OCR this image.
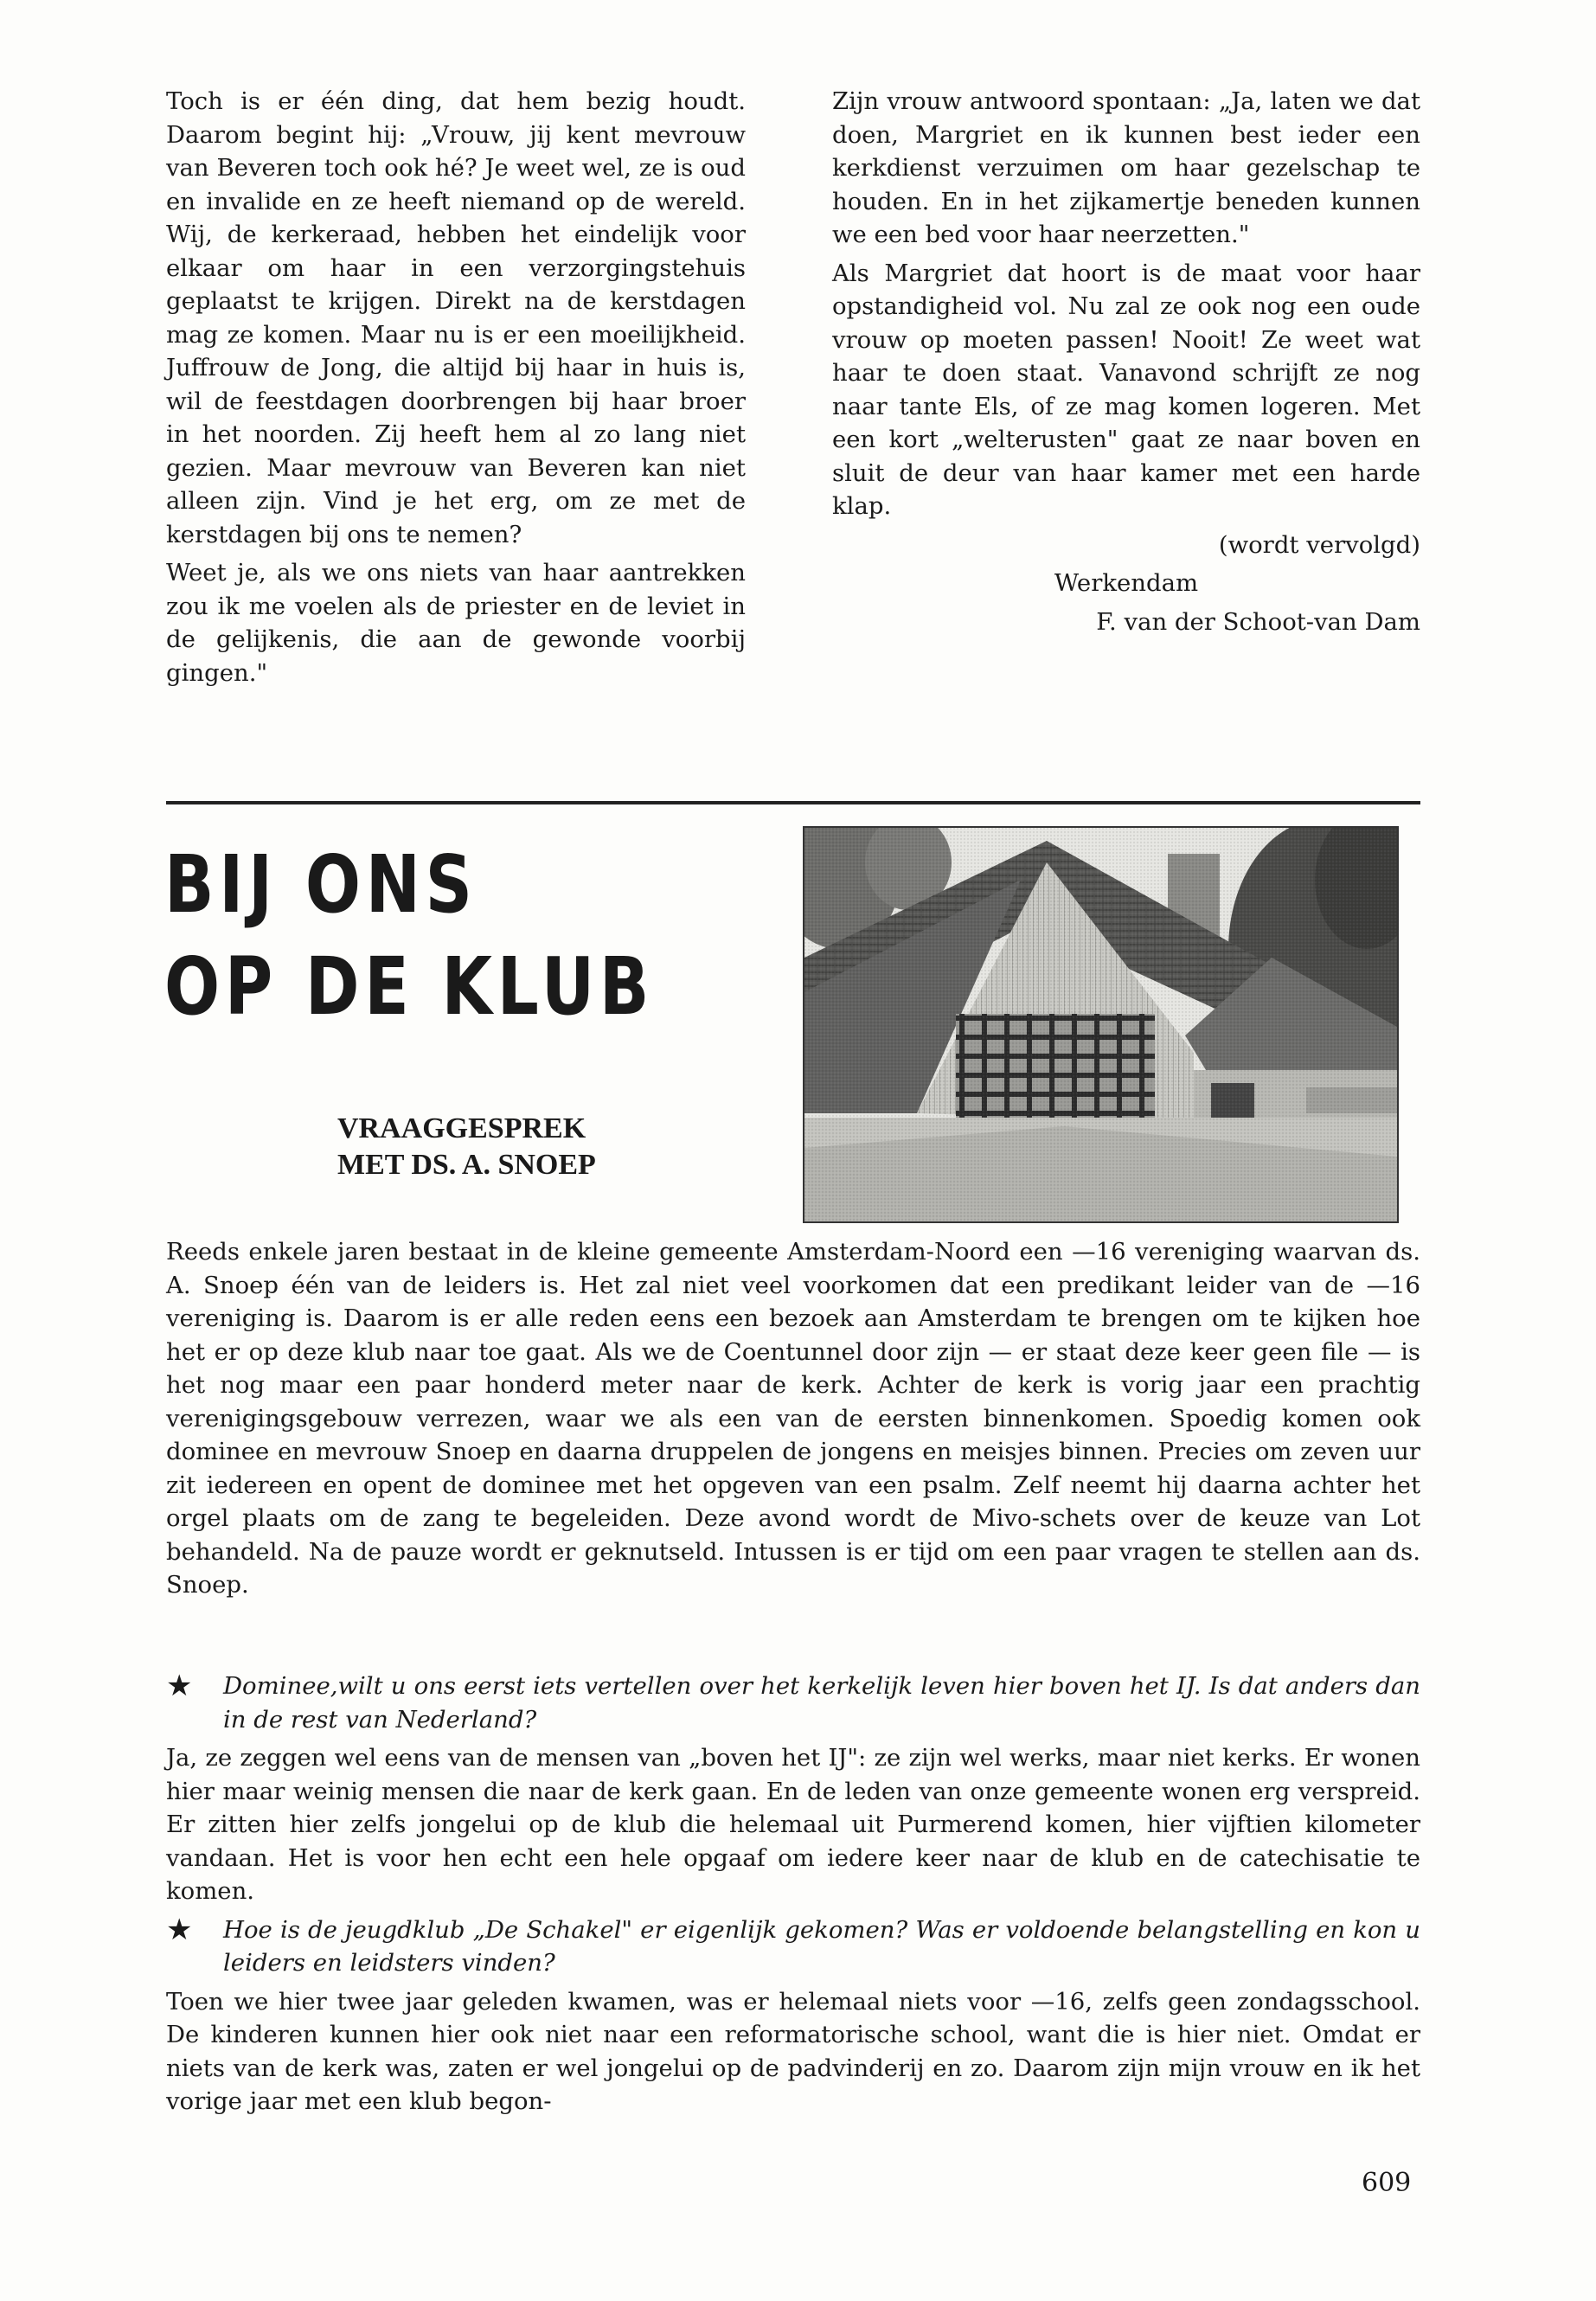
Toch is er één ding, dat hem bezig houdt. Daarom begint hij: „Vrouw, jij kent mevrouw van Beveren toch ook hé? Je weet wel, ze is oud en invalide en ze heeft niemand op de wereld. Wij, de kerkeraad, hebben het eindelijk voor elkaar om haar in een verzorgingstehuis geplaatst te krijgen. Direkt na de kerstdagen mag ze komen. Maar nu is er een moeilijkheid. Juffrouw de Jong, die altijd bij haar in huis is, wil de feestdagen doorbrengen bij haar broer in het noorden. Zij heeft hem al zo lang niet gezien. Maar mevrouw van Beveren kan niet alleen zijn. Vind je het erg, om ze met de kerstdagen bij ons te nemen?

Weet je, als we ons niets van haar aantrekken zou ik me voelen als de priester en de leviet in de gelijkenis, die aan de gewonde voorbij gingen."

Zijn vrouw antwoord spontaan: „Ja, laten we dat doen, Margriet en ik kunnen best ieder een kerkdienst verzuimen om haar gezelschap te houden. En in het zijkamertje beneden kunnen we een bed voor haar neerzetten."

Als Margriet dat hoort is de maat voor haar opstandigheid vol. Nu zal ze ook nog een oude vrouw op moeten passen! Nooit! Ze weet wat haar te doen staat. Vanavond schrijft ze nog naar tante Els, of ze mag komen logeren. Met een kort „welterusten" gaat ze naar boven en sluit de deur van haar kamer met een harde klap.

(wordt vervolgd)

Werkendam

F. van der Schoot-van Dam

BIJ ONS
OP DE KLUB
VRAAGGESPREK
MET DS. A. SNOEP

Reeds enkele jaren bestaat in de kleine gemeente Amsterdam-Noord een —16 vereniging waarvan ds. A. Snoep één van de leiders is. Het zal niet veel voorkomen dat een predikant leider van de —16 vereniging is. Daarom is er alle reden eens een bezoek aan Amsterdam te brengen om te kijken hoe het er op deze klub naar toe gaat. Als we de Coentunnel door zijn — er staat deze keer geen file — is het nog maar een paar honderd meter naar de kerk. Achter de kerk is vorig jaar een prachtig verenigingsgebouw verrezen, waar we als een van de eersten binnenkomen. Spoedig komen ook dominee en mevrouw Snoep en daarna druppelen de jongens en meisjes binnen. Precies om zeven uur zit iedereen en opent de dominee met het opgeven van een psalm. Zelf neemt hij daarna achter het orgel plaats om de zang te begeleiden. Deze avond wordt de Mivo-schets over de keuze van Lot behandeld. Na de pauze wordt er geknutseld. Intussen is er tijd om een paar vragen te stellen aan ds. Snoep.

★ Dominee,wilt u ons eerst iets vertellen over het kerkelijk leven hier boven het IJ. Is dat anders dan in de rest van Nederland?

Ja, ze zeggen wel eens van de mensen van „boven het IJ": ze zijn wel werks, maar niet kerks. Er wonen hier maar weinig mensen die naar de kerk gaan. En de leden van onze gemeente wonen erg verspreid. Er zitten hier zelfs jongelui op de klub die helemaal uit Purmerend komen, hier vijftien kilometer vandaan. Het is voor hen echt een hele opgaaf om iedere keer naar de klub en de catechisatie te komen.

★ Hoe is de jeugdklub „De Schakel" er eigenlijk gekomen? Was er voldoende belangstelling en kon u leiders en leidsters vinden?

Toen we hier twee jaar geleden kwamen, was er helemaal niets voor —16, zelfs geen zondagsschool. De kinderen kunnen hier ook niet naar een reformatorische school, want die is hier niet. Omdat er niets van de kerk was, zaten er wel jongelui op de padvinderij en zo. Daarom zijn mijn vrouw en ik het vorige jaar met een klub begon-

609
